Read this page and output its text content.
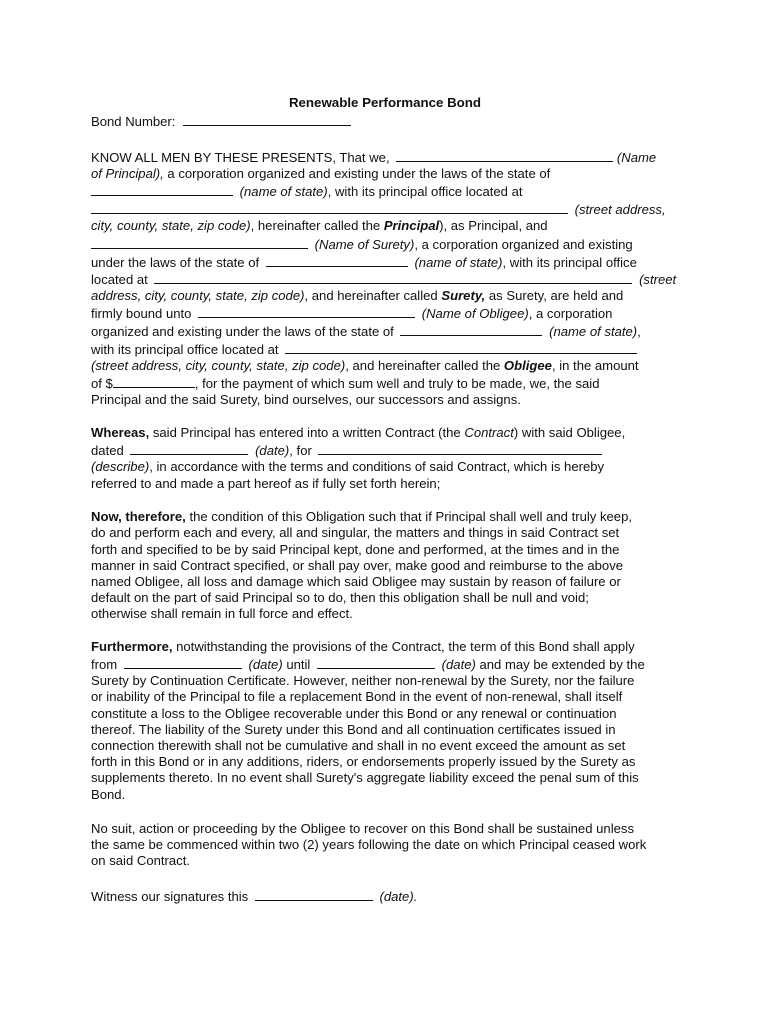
Renewable Performance Bond
Bond Number:
KNOW ALL MEN BY THESE PRESENTS, That we,	(Name
of Principal), a corporation organized and existing under the laws of the state of
(name of state), with its principal office located at
(street address,
city, county, state, zip code), hereinafter called the Principal), as Principal, and
(Name of Surety), a corporation organized and existing
under the laws of the state of	(name of state), with its principal office
located at	(street
address, city, county, state, zip code), and hereinafter called Surety, as Surety, are held and
firmly bound unto	(Name of Obligee), a corporation
organized and existing under the laws of the state of	(name of state),
with its principal office located at
(street address, city, county, state, zip code), and hereinafter called the Obligee, in the amount
of $	, for the payment of which sum well and truly to be made, we, the said
Principal and the said Surety, bind ourselves, our successors and assigns.
Whereas, said Principal has entered into a written Contract (the Contract) with said Obligee,
dated	(date), for
(describe), in accordance with the terms and conditions of said Contract, which is hereby
referred to and made a part hereof as if fully set forth herein;
Now, therefore, the condition of this Obligation such that if Principal shall well and truly keep,
do and perform each and every, all and singular, the matters and things in said Contract set
forth and specified to be by said Principal kept, done and performed, at the times and in the
manner in said Contract specified, or shall pay over, make good and reimburse to the above
named Obligee, all loss and damage which said Obligee may sustain by reason of failure or
default on the part of said Principal so to do, then this obligation shall be null and void;
otherwise shall remain in full force and effect.
Furthermore, notwithstanding the provisions of the Contract, the term of this Bond shall apply
from	(date) until	(date) and may be extended by the
Surety by Continuation Certificate. However, neither non-renewal by the Surety, nor the failure
or inability of the Principal to file a replacement Bond in the event of non-renewal, shall itself
constitute a loss to the Obligee recoverable under this Bond or any renewal or continuation
thereof. The liability of the Surety under this Bond and all continuation certificates issued in
connection therewith shall not be cumulative and shall in no event exceed the amount as set
forth in this Bond or in any additions, riders, or endorsements properly issued by the Surety as
supplements thereto. In no event shall Surety's aggregate liability exceed the penal sum of this
Bond.
No suit, action or proceeding by the Obligee to recover on this Bond shall be sustained unless
the same be commenced within two (2) years following the date on which Principal ceased work
on said Contract.
Witness our signatures this	(date).
